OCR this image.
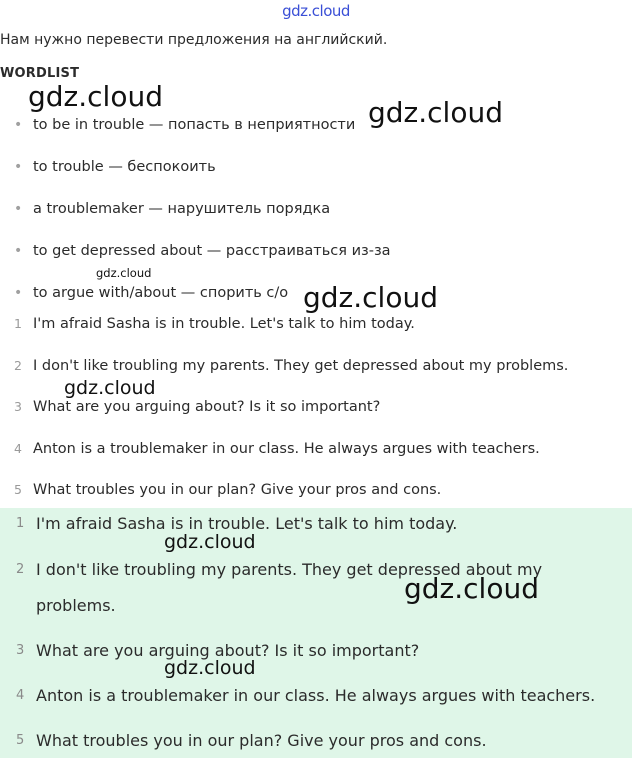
gdz.cloud
Нам нужно перевести предложения на английский.
WORDLIST
• to be in trouble — попасть в неприятности
• to trouble — беспокоить
• a troublemaker — нарушитель порядка
• to get depressed about — расстраиваться из-за
• to argue with/about — спорить с/о
1 I'm afraid Sasha is in trouble. Let's talk to him today.
2 I don't like troubling my parents. They get depressed about my problems.
3 What are you arguing about? Is it so important?
4 Anton is a troublemaker in our class. He always argues with teachers.
5 What troubles you in our plan? Give your pros and cons.
1 I'm afraid Sasha is in trouble. Let's talk to him today.
2 I don't like troubling my parents. They get depressed about my problems.
3 What are you arguing about? Is it so important?
4 Anton is a troublemaker in our class. He always argues with teachers.
5 What troubles you in our plan? Give your pros and cons.
gdz.cloud	gdz.cloud
gdz.cloud
gdz.cloud
gdz.cloud
gdz.cloud
gdz.cloud
gdz.cloud
